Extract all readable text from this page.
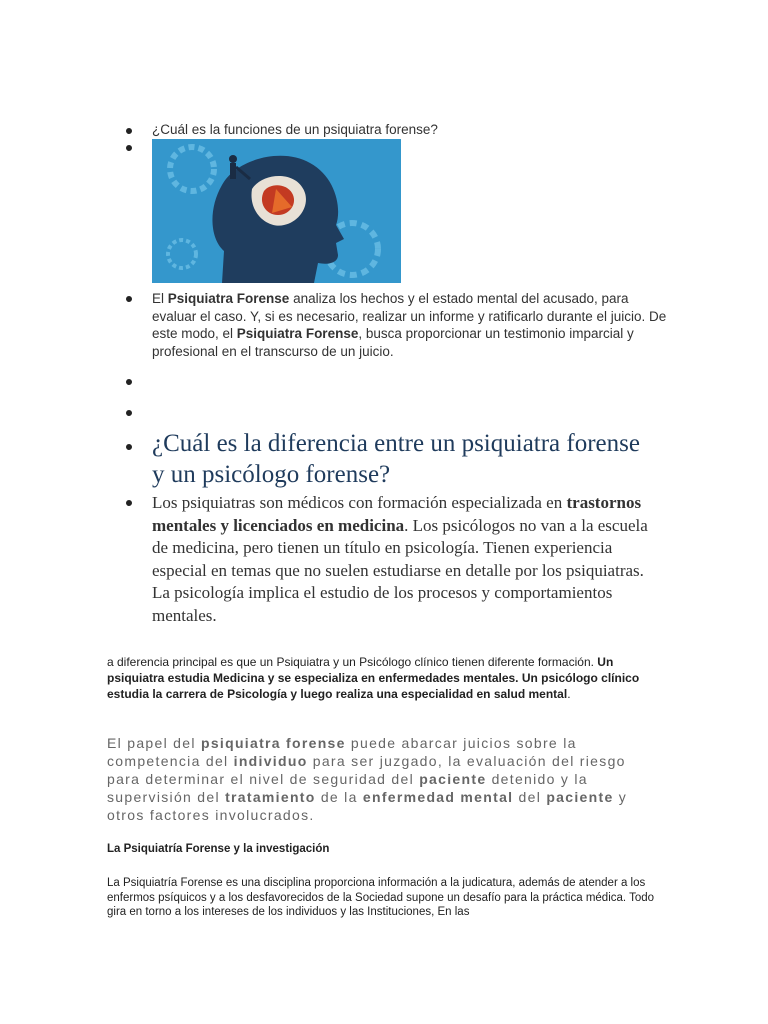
¿Cuál es la funciones de un psiquiatra forense?
El Psiquiatra Forense analiza los hechos y el estado mental del acusado, para evaluar el caso. Y, si es necesario, realizar un informe y ratificarlo durante el juicio. De este modo, el Psiquiatra Forense, busca proporcionar un testimonio imparcial y profesional en el transcurso de un juicio.
¿Cuál es la diferencia entre un psiquiatra forense y un psicólogo forense?
Los psiquiatras son médicos con formación especializada en trastornos mentales y licenciados en medicina. Los psicólogos no van a la escuela de medicina, pero tienen un título en psicología. Tienen experiencia especial en temas que no suelen estudiarse en detalle por los psiquiatras. La psicología implica el estudio de los procesos y comportamientos mentales.
a diferencia principal es que un Psiquiatra y un Psicólogo clínico tienen diferente formación. Un psiquiatra estudia Medicina y se especializa en enfermedades mentales. Un psicólogo clínico estudia la carrera de Psicología y luego realiza una especialidad en salud mental.
El papel del psiquiatra forense puede abarcar juicios sobre la competencia del individuo para ser juzgado, la evaluación del riesgo para determinar el nivel de seguridad del paciente detenido y la supervisión del tratamiento de la enfermedad mental del paciente y otros factores involucrados.
La Psiquiatría Forense y la investigación
La Psiquiatría Forense es una disciplina proporciona información a la judicatura, además de atender a los enfermos psíquicos y a los desfavorecidos de la Sociedad supone un desafío para la práctica médica. Todo gira en torno a los intereses de los individuos y las Instituciones, En las
